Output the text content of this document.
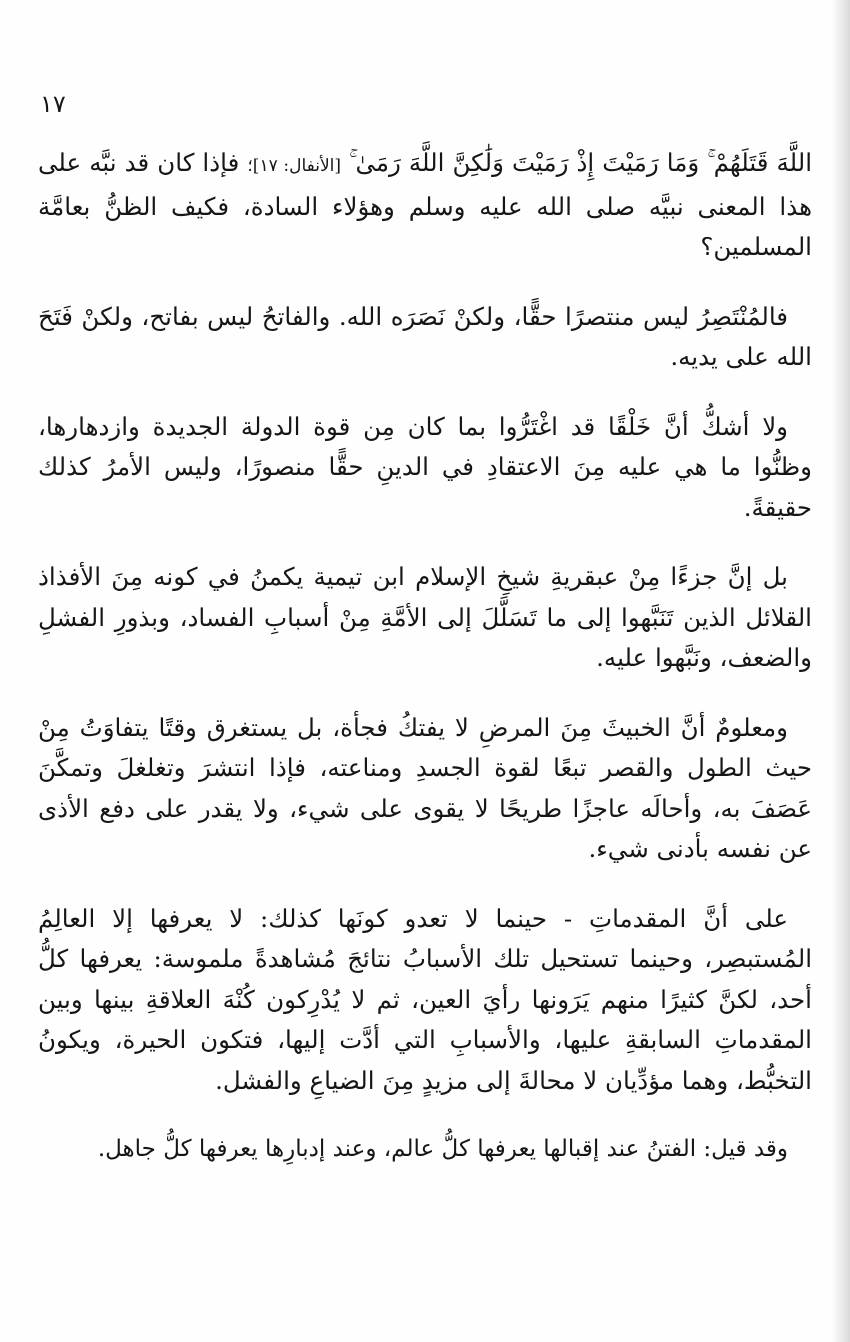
١٧

اللَّهَ قَتَلَهُمْ ۚ وَمَا رَمَيْتَ إِذْ رَمَيْتَ وَلَٰكِنَّ اللَّهَ رَمَىٰ ۚ [الأنفال: ١٧]؛ فإذا كان قد نبَّه على هذا المعنى نبيَّه صلى الله عليه وسلم وهؤلاء السادة، فكيف الظنُّ بعامَّة المسلمين؟

فالمُنْتَصِرُ ليس منتصرًا حقًّا، ولكنْ نَصَرَه الله. والفاتحُ ليس بفاتح، ولكنْ فَتَحَ الله على يديه.

ولا أشكُّ أنَّ خَلْقًا قد اغْتَرُّوا بما كان مِن قوة الدولة الجديدة وازدهارها، وظنُّوا ما هي عليه مِنَ الاعتقادِ في الدينِ حقًّا منصورًا، وليس الأمرُ كذلك حقيقةً.

بل إنَّ جزءًا مِنْ عبقريةِ شيخِ الإسلام ابن تيمية يكمنُ في كونه مِنَ الأفذاذ القلائل الذين تَنَبَّهوا إلى ما تَسَلَّلَ إلى الأمَّةِ مِنْ أسبابِ الفساد، وبذورِ الفشلِ والضعف، ونَبَّهوا عليه.

ومعلومٌ أنَّ الخبيثَ مِنَ المرضِ لا يفتكُ فجأة، بل يستغرق وقتًا يتفاوَتُ مِنْ حيث الطول والقصر تبعًا لقوة الجسدِ ومناعته، فإذا انتشرَ وتغلغلَ وتمكَّنَ عَصَفَ به، وأحالَه عاجزًا طريحًا لا يقوى على شيء، ولا يقدر على دفع الأذى عن نفسه بأدنى شيء.

على أنَّ المقدماتِ - حينما لا تعدو كونَها كذلك: لا يعرفها إلا العالِمُ المُستبصِر، وحينما تستحيل تلك الأسبابُ نتائجَ مُشاهدةً ملموسة: يعرفها كلُّ أحد، لكنَّ كثيرًا منهم يَرَونها رأيَ العين، ثم لا يُدْرِكون كُنْهَ العلاقةِ بينها وبين المقدماتِ السابقةِ عليها، والأسبابِ التي أدَّت إليها، فتكون الحيرة، ويكونُ التخبُّط، وهما مؤدِّيان لا محالةَ إلى مزيدٍ مِنَ الضياعِ والفشل.

وقد قيل: الفتنُ عند إقبالها يعرفها كلُّ عالم، وعند إدبارِها يعرفها كلُّ جاهل.
